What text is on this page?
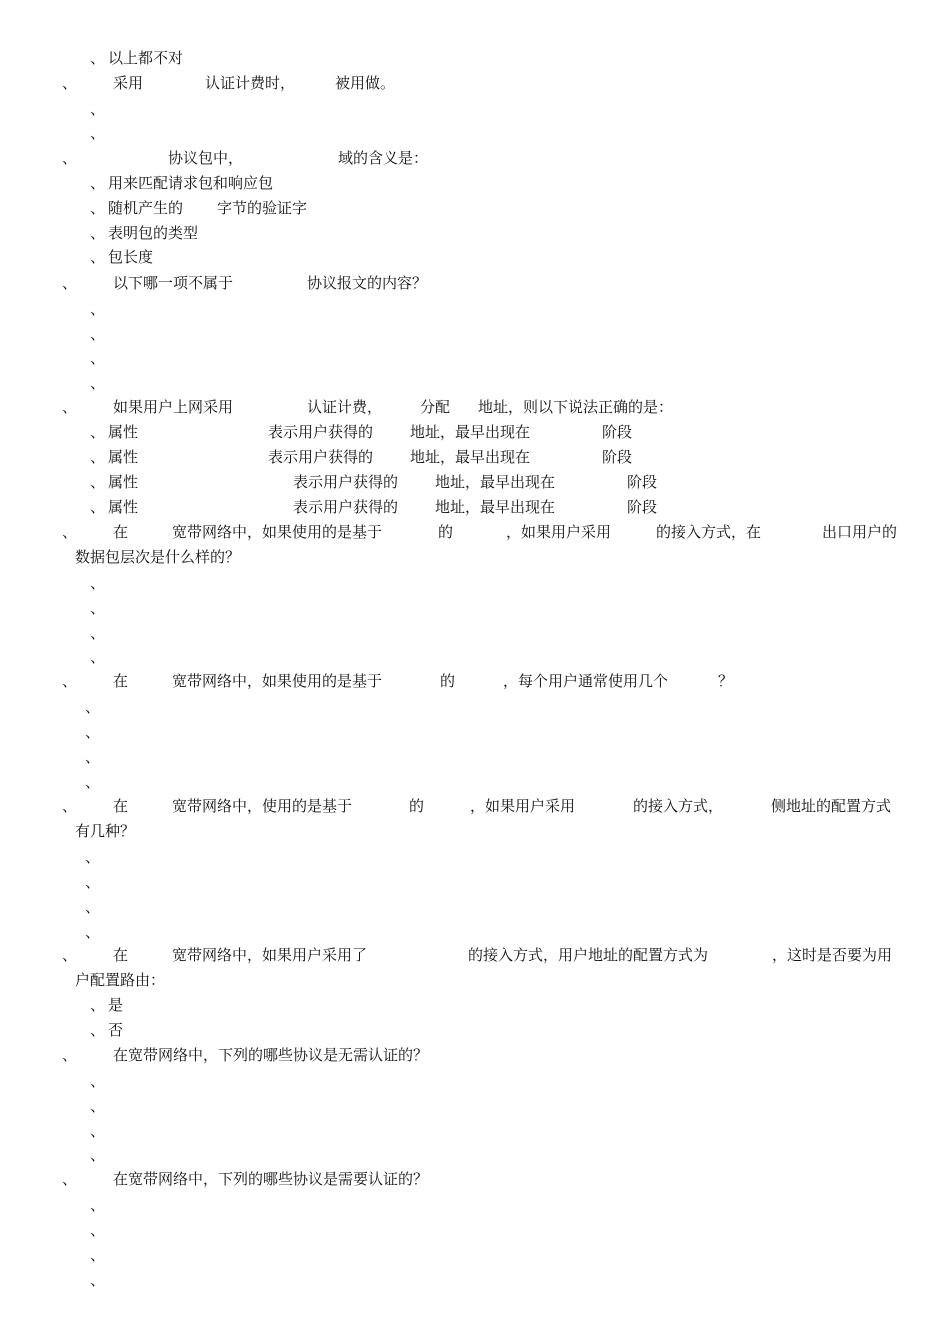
、 以上都不对
、 采用	认证计费时，	被用做。
、
、
、	协议包中，	域的含义是：
、 用来匹配请求包和响应包
、 随机产生的 字节的验证字
、 表明包的类型
、 包长度
、 以下哪一项不属于	协议报文的内容？
、
、
、
、
、 如果用户上网采用	认证计费，	分配 地址，则以下说法正确的是：
、 属性	表示用户获得的 地址，最早出现在	阶段
、 属性	表示用户获得的 地址，最早出现在	阶段
、 属性	表示用户获得的 地址，最早出现在	阶段
、 属性	表示用户获得的 地址，最早出现在	阶段
、 在	宽带网络中，如果使用的是基于	的	，如果用户采用	的接入方式，在	出口用户的
数据包层次是什么样的？
、
、
、
、
、 在	宽带网络中，如果使用的是基于	的	，每个用户通常使用几个	？
、
、
、
、
、 在	宽带网络中，使用的是基于	的	，如果用户采用	的接入方式，	侧地址的配置方式
有几种？
、
、
、
、
、 在	宽带网络中，如果用户采用了	的接入方式，用户地址的配置方式为	，这时是否要为用
户配置路由：
、 是
、 否
、 在宽带网络中，下列的哪些协议是无需认证的？
、
、
、
、
、 在宽带网络中，下列的哪些协议是需要认证的？
、
、
、
、
